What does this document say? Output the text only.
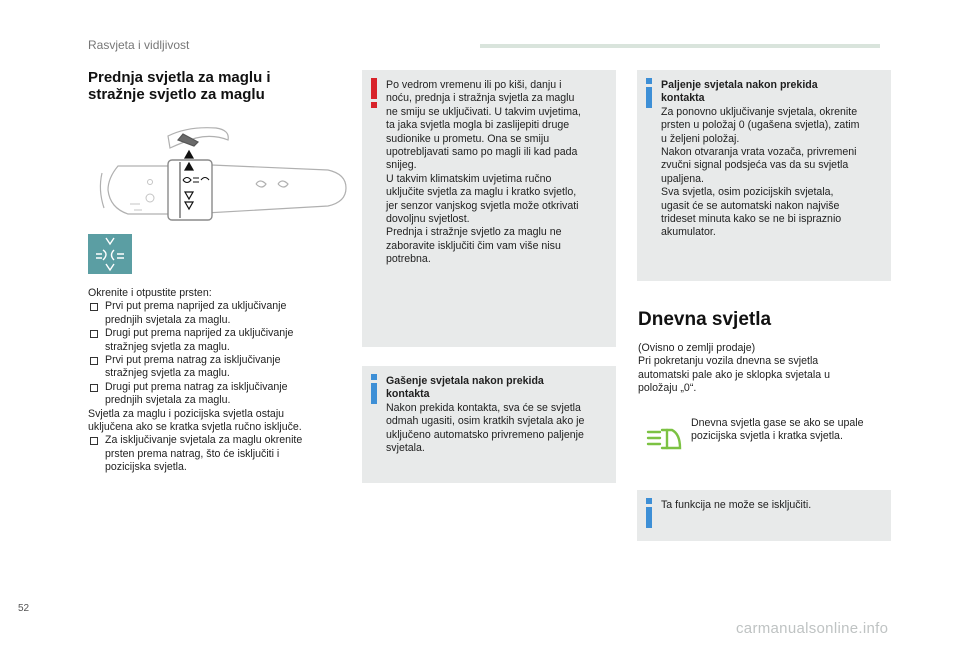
Rasvjeta i vidljivost
Prednja svjetla za maglu i
stražnje svjetlo za maglu

Okrenite i otpustite prsten:

Prvi put prema naprijed za uključivanje
prednjih svjetala za maglu.
Drugi put prema naprijed za uključivanje
stražnjeg svjetla za maglu.
Prvi put prema natrag za isključivanje
stražnjeg svjetla za maglu.
Drugi put prema natrag za isključivanje
prednjih svjetala za maglu.

Svjetla za maglu i pozicijska svjetla ostaju

uključena ako se kratka svjetla ručno isključe.

Za isključivanje svjetala za maglu okrenite
prsten prema natrag, što će isključiti i
pozicijska svjetla.

Po vedrom vremenu ili po kiši, danju i

noću, prednja i stražnja svjetla za maglu

ne smiju se uključivati. U takvim uvjetima,

ta jaka svjetla mogla bi zaslijepiti druge

sudionike u prometu. Ona se smiju

upotrebljavati samo po magli ili kad pada

snijeg.

U takvim klimatskim uvjetima ručno

uključite svjetla za maglu i kratko svjetlo,

jer senzor vanjskog svjetla može otkrivati

dovoljnu svjetlost.

Prednja i stražnje svjetlo za maglu ne

zaboravite isključiti čim vam više nisu

potrebna.

Gašenje svjetala nakon prekida

kontakta

Nakon prekida kontakta, sva će se svjetla

odmah ugasiti, osim kratkih svjetala ako je

uključeno automatsko privremeno paljenje

svjetala.

Paljenje svjetala nakon prekida

kontakta

Za ponovno uključivanje svjetala, okrenite

prsten u položaj 0 (ugašena svjetla), zatim

u željeni položaj.

Nakon otvaranja vrata vozača, privremeni

zvučni signal podsjeća vas da su svjetla

upaljena.

Sva svjetla, osim pozicijskih svjetala,

ugasit će se automatski nakon najviše

trideset minuta kako se ne bi ispraznio

akumulator.

Dnevna svjetla

(Ovisno o zemlji prodaje)

Pri pokretanju vozila dnevna se svjetla

automatski pale ako je sklopka svjetala u

položaju „0“.

Dnevna svjetla gase se ako se upale
pozicijska svjetla i kratka svjetla.

Ta funkcija ne može se isključiti.

52
carmanualsonline.info
